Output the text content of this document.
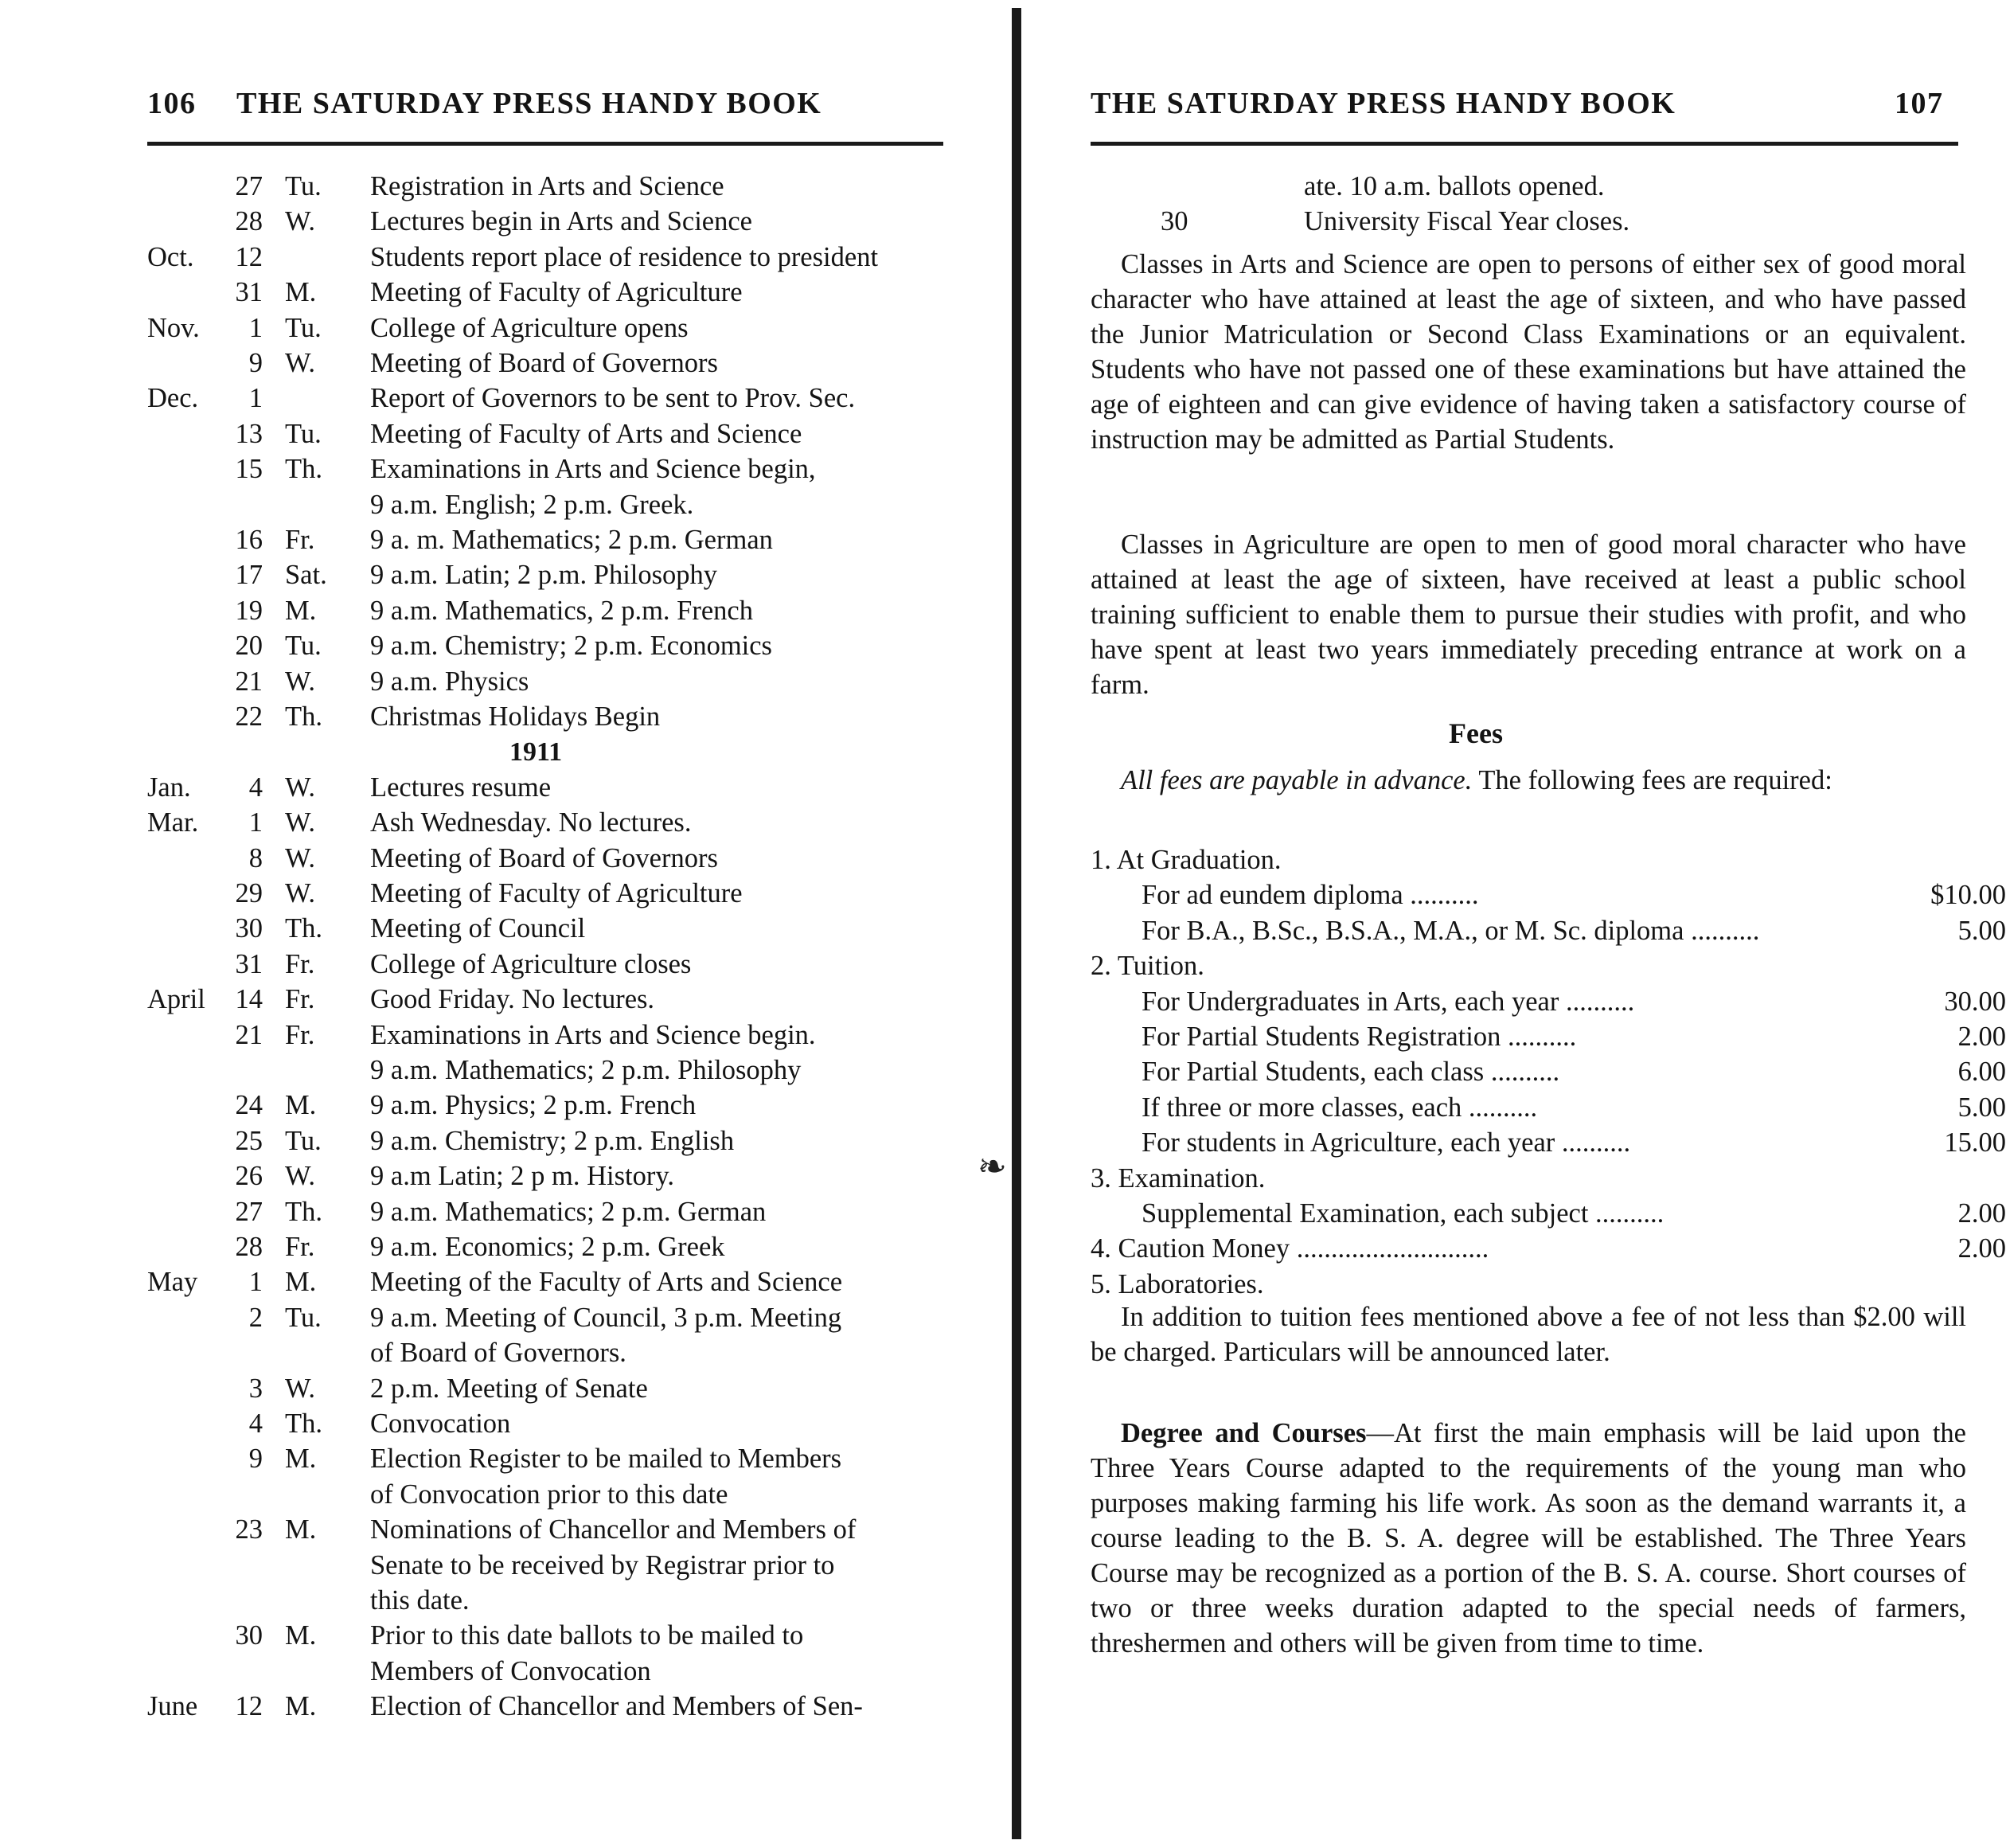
❧
106 THE SATURDAY PRESS HANDY BOOK
27 Tu. Registration in Arts and Science
28 W. Lectures begin in Arts and Science
Oct.	12	Students report place of residence to president
31 M. Meeting of Faculty of Agriculture
Nov.	1 Tu. College of Agriculture opens
9 W. Meeting of Board of Governors
Dec.	1	Report of Governors to be sent to Prov. Sec.
13 Tu. Meeting of Faculty of Arts and Science
15 Th. Examinations in Arts and Science begin,
9 a.m. English; 2 p.m. Greek.
16 Fr. 9 a. m. Mathematics; 2 p.m. German
17 Sat. 9 a.m. Latin; 2 p.m. Philosophy
19 M. 9 a.m. Mathematics, 2 p.m. French
20 Tu. 9 a.m. Chemistry; 2 p.m. Economics
21 W. 9 a.m. Physics
22 Th. Christmas Holidays Begin
1911
Jan.	4 W. Lectures resume
Mar.	1 W. Ash Wednesday. No lectures.
8 W. Meeting of Board of Governors
29 W. Meeting of Faculty of Agriculture
30 Th. Meeting of Council
31 Fr. College of Agriculture closes
April	14 Fr. Good Friday. No lectures.
21 Fr. Examinations in Arts and Science begin.
9 a.m. Mathematics; 2 p.m. Philosophy
24 M. 9 a.m. Physics; 2 p.m. French
25 Tu. 9 a.m. Chemistry; 2 p.m. English
26 W. 9 a.m Latin; 2 p m. History.
27 Th. 9 a.m. Mathematics; 2 p.m. German
28 Fr. 9 a.m. Economics; 2 p.m. Greek
May	1 M. Meeting of the Faculty of Arts and Science
2 Tu. 9 a.m. Meeting of Council, 3 p.m. Meeting
of Board of Governors.
3 W. 2 p.m. Meeting of Senate
4 Th. Convocation
9 M. Election Register to be mailed to Members
of Convocation prior to this date
23 M. Nominations of Chancellor and Members of
Senate to be received by Registrar prior to
this date.
30 M. Prior to this date ballots to be mailed to
Members of Convocation
June	12 M. Election of Chancellor and Members of Sen-
THE SATURDAY PRESS HANDY BOOK	107
ate. 10 a.m. ballots opened.
30	University Fiscal Year closes.
Classes in Arts and Science are open to persons of either sex of good moral character who have attained at least the age of sixteen, and who have passed the Junior Matriculation or Second Class Examinations or an equivalent. Students who have not passed one of these examinations but have attained the age of eighteen and can give evidence of having taken a satisfactory course of instruction may be admitted as Partial Students.
Classes in Agriculture are open to men of good moral character who have attained at least the age of sixteen, have received at least a public school training sufficient to enable them to pursue their studies with profit, and who have spent at least two years immediately preceding entrance at work on a farm.
Fees
All fees are payable in advance. The following fees are required:
1. At Graduation.
For ad eundem diploma ..........	$10.00
For B.A., B.Sc., B.S.A., M.A., or M. Sc. diploma ..........	5.00
2. Tuition.
For Undergraduates in Arts, each year ..........	30.00
For Partial Students Registration ..........	2.00
For Partial Students, each class ..........	6.00
If three or more classes, each ..........	5.00
For students in Agriculture, each year ..........	15.00
3. Examination.
Supplemental Examination, each subject ..........	2.00
4. Caution Money ............................	2.00
5. Laboratories.
In addition to tuition fees mentioned above a fee of not less than $2.00 will be charged. Particulars will be announced later.
Degree and Courses—At first the main emphasis will be laid upon the Three Years Course adapted to the requirements of the young man who purposes making farming his life work. As soon as the demand warrants it, a course leading to the B. S. A. degree will be established. The Three Years Course may be recognized as a portion of the B. S. A. course. Short courses of two or three weeks duration adapted to the special needs of farmers, threshermen and others will be given from time to time.
